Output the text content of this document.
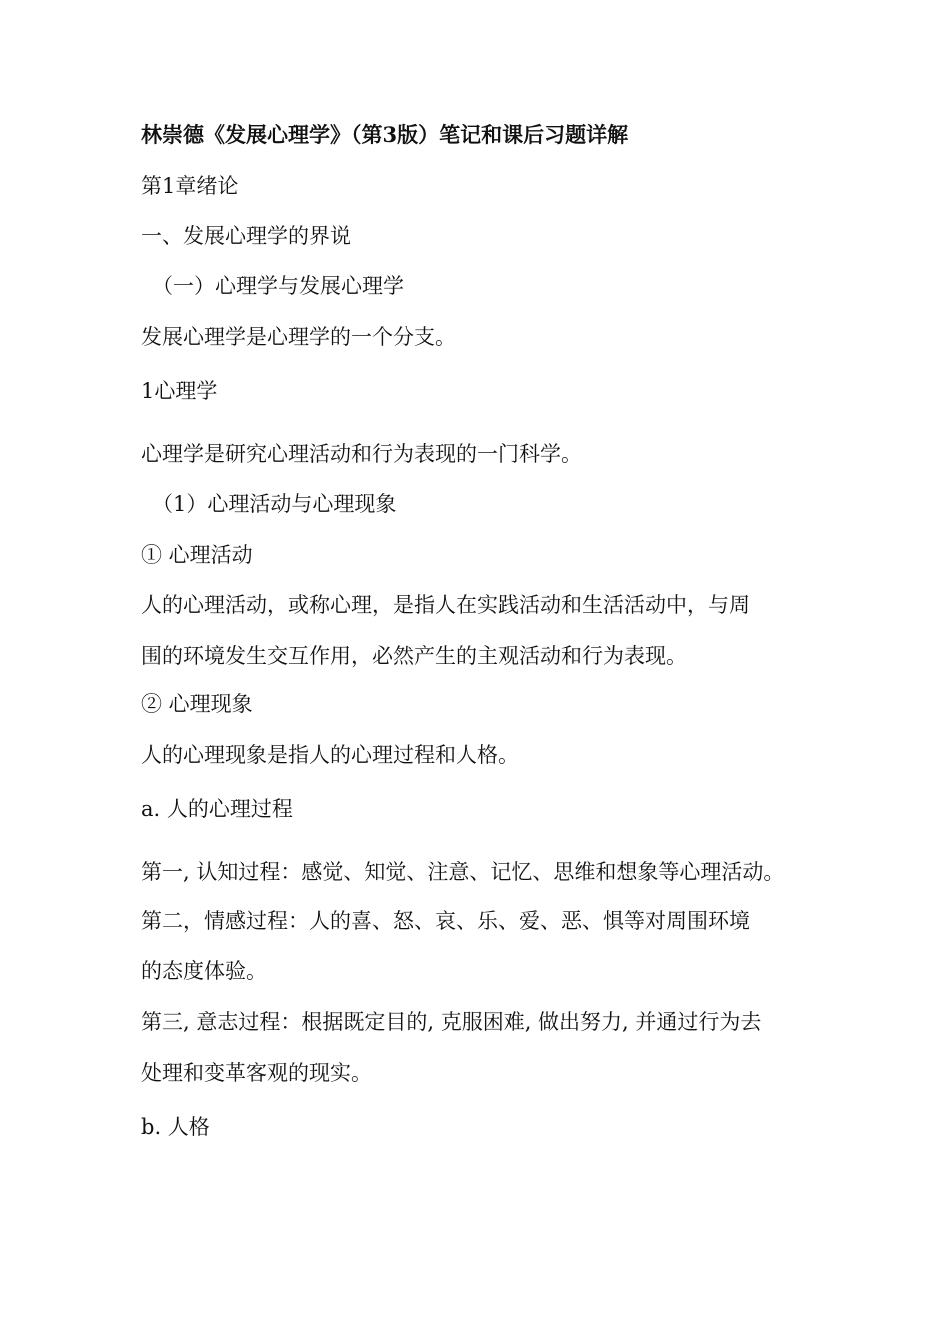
林崇德《发展心理学》（第3版）笔记和课后习题详解
第1章绪论
一、发展心理学的界说
（一）心理学与发展心理学
发展心理学是心理学的一个分支。
1心理学
心理学是研究心理活动和行为表现的一门科学。
（1）心理活动与心理现象
① 心理活动
人的心理活动，或称心理，是指人在实践活动和生活活动中，与周
围的环境发生交互作用，必然产生的主观活动和行为表现。
② 心理现象
人的心理现象是指人的心理过程和人格。
a. 人的心理过程
第一, 认知过程：感觉、知觉、注意、记忆、思维和想象等心理活动。
第二，情感过程：人的喜、怒、哀、乐、爱、恶、惧等对周围环境
的态度体验。
第三, 意志过程：根据既定目的, 克服困难, 做出努力, 并通过行为去
处理和变革客观的现实。
b. 人格
